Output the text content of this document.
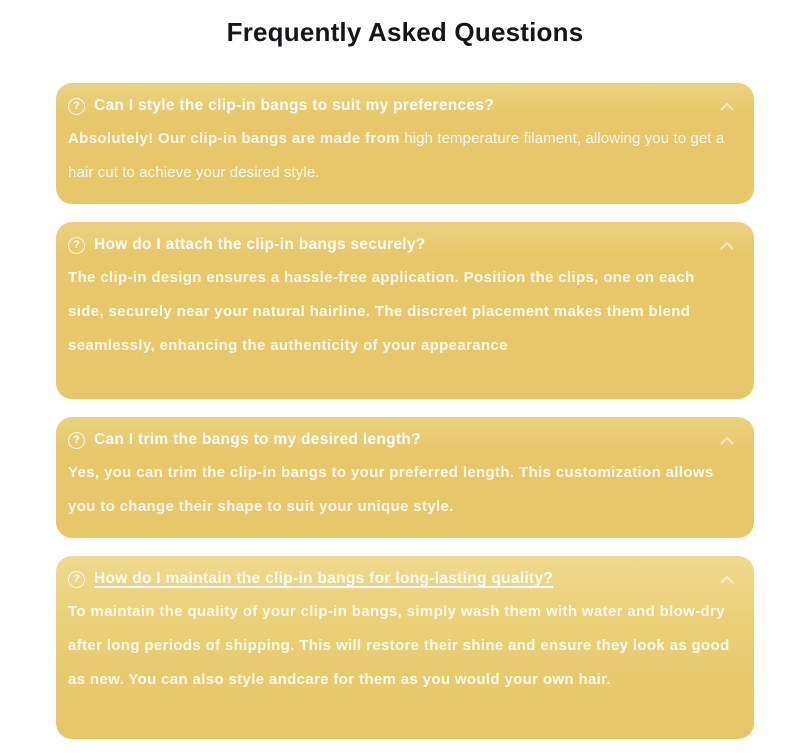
Frequently Asked Questions
? Can I style the clip-in bangs to suit my preferences?

Absolutely! Our clip-in bangs are made from high temperature filament, allowing you to get a hair cut to achieve your desired style.

? How do I attach the clip-in bangs securely?

The clip-in design ensures a hassle-free application. Position the clips, one on each side, securely near your natural hairline. The discreet placement makes them blend seamlessly, enhancing the authenticity of your appearance

? Can I trim the bangs to my desired length?

Yes, you can trim the clip-in bangs to your preferred length. This customization allows you to change their shape to suit your unique style.

? How do I maintain the clip-in bangs for long-lasting quality?

To maintain the quality of your clip-in bangs, simply wash them with water and blow-dry after long periods of shipping. This will restore their shine and ensure they look as good as new. You can also style andcare for them as you would your own hair.
